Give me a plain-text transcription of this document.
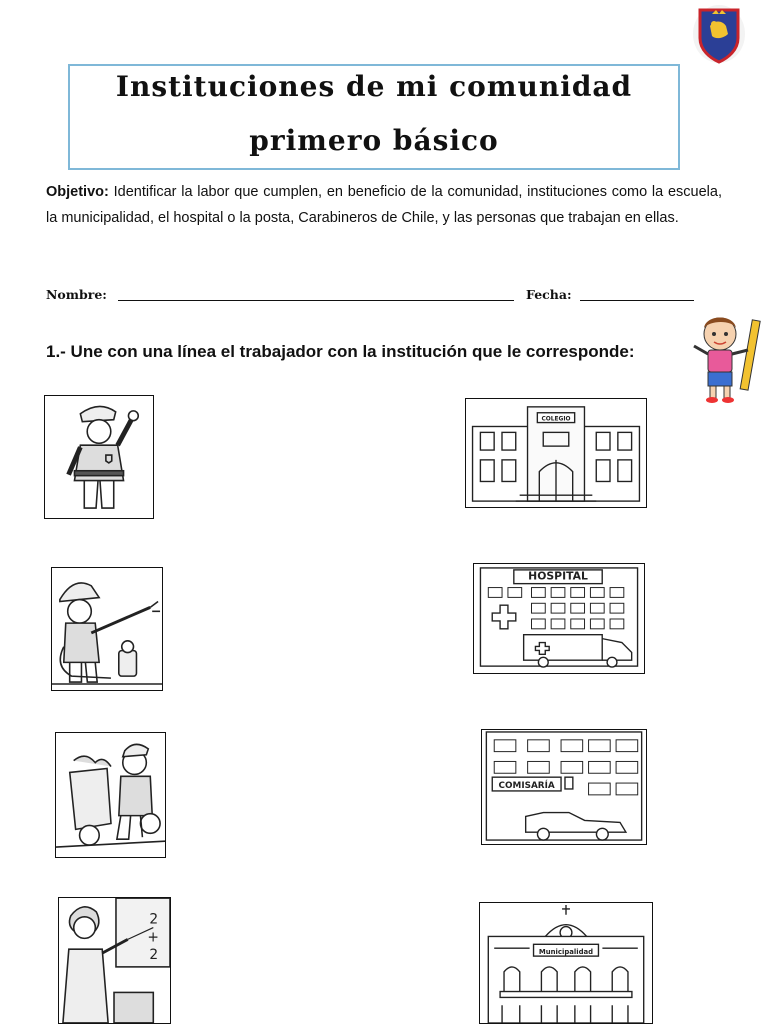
Instituciones de mi comunidad
primero básico
Objetivo: Identificar la labor que cumplen, en beneficio de la comunidad, instituciones como la escuela, la municipalidad, el hospital o la posta, Carabineros de Chile, y las personas que trabajan en ellas.
Nombre:	Fecha:
1.- Une con una línea el trabajador con la institución que le corresponde:
2
+
2
COLEGIO
HOSPITAL
COMISARÍA
Municipalidad
